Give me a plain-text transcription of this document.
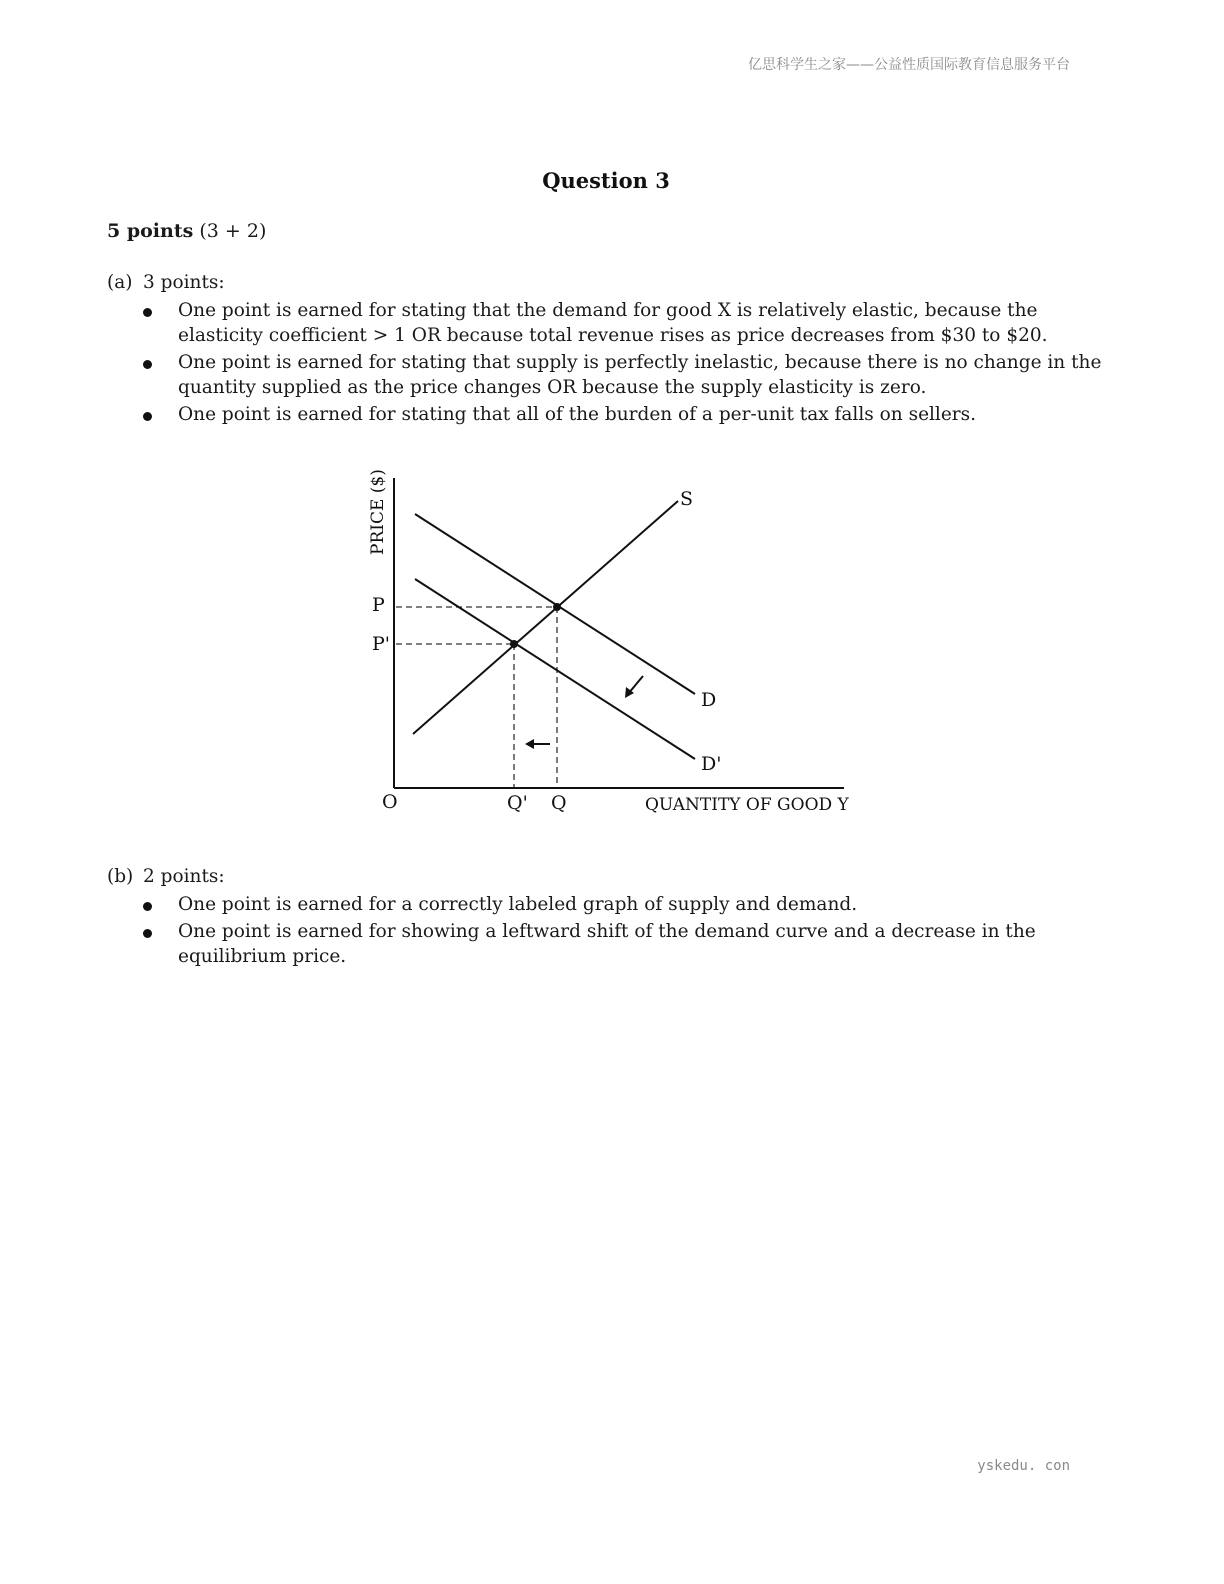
亿思科学生之家——公益性质国际教育信息服务平台
Question 3
5 points (3 + 2)
(a) 3 points:
One point is earned for stating that the demand for good X is relatively elastic, because the elasticity coefficient > 1 OR because total revenue rises as price decreases from $30 to $20.
One point is earned for stating that supply is perfectly inelastic, because there is no change in the quantity supplied as the price changes OR because the supply elasticity is zero.
One point is earned for stating that all of the burden of a per-unit tax falls on sellers.
PRICE ($)
QUANTITY OF GOOD Y
O
P
P'
Q' Q
S
D
D'
(b) 2 points:
One point is earned for a correctly labeled graph of supply and demand.
One point is earned for showing a leftward shift of the demand curve and a decrease in the equilibrium price.
yskedu. con
